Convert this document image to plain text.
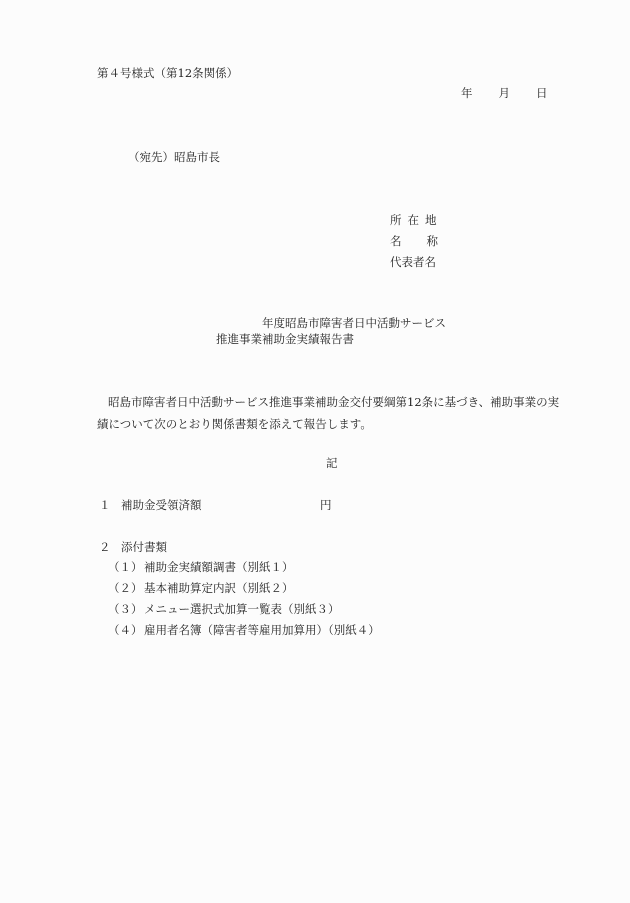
第４号様式（第12条関係）
年 月 日
（宛先）昭島市長
所在地
名称
代表者名
年度昭島市障害者日中活動サービス
推進事業補助金実績報告書
昭島市障害者日中活動サービス推進事業補助金交付要綱第12条に基づき、補助事業の実績について次のとおり関係書類を添えて報告します。
記
１ 補助金受領済額	円
２ 添付書類
（１） 補助金実績額調書（別紙１）
（２） 基本補助算定内訳（別紙２）
（３） メニュー選択式加算一覧表（別紙３）
（４） 雇用者名簿（障害者等雇用加算用）（別紙４）
